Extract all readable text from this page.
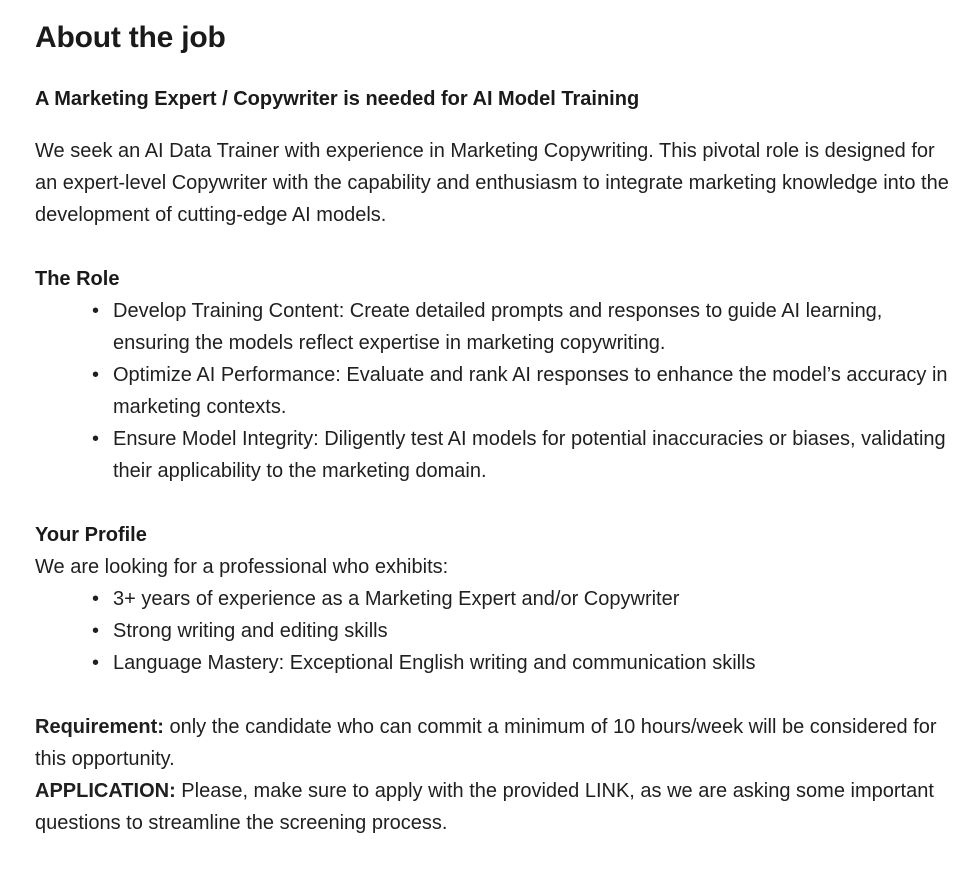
About the job
A Marketing Expert / Copywriter is needed for AI Model Training

We seek an AI Data Trainer with experience in Marketing Copywriting. This pivotal role is designed for an expert-level Copywriter with the capability and enthusiasm to integrate marketing knowledge into the development of cutting-edge AI models.

The Role
• Develop Training Content: Create detailed prompts and responses to guide AI learning, ensuring the models reflect expertise in marketing copywriting.
• Optimize AI Performance: Evaluate and rank AI responses to enhance the model’s accuracy in marketing contexts.
• Ensure Model Integrity: Diligently test AI models for potential inaccuracies or biases, validating their applicability to the marketing domain.
Your Profile

We are looking for a professional who exhibits:

• 3+ years of experience as a Marketing Expert and/or Copywriter
• Strong writing and editing skills
• Language Mastery: Exceptional English writing and communication skills

Requirement: only the candidate who can commit a minimum of 10 hours/week will be considered for this opportunity.

APPLICATION: Please, make sure to apply with the provided LINK, as we are asking some important questions to streamline the screening process.
